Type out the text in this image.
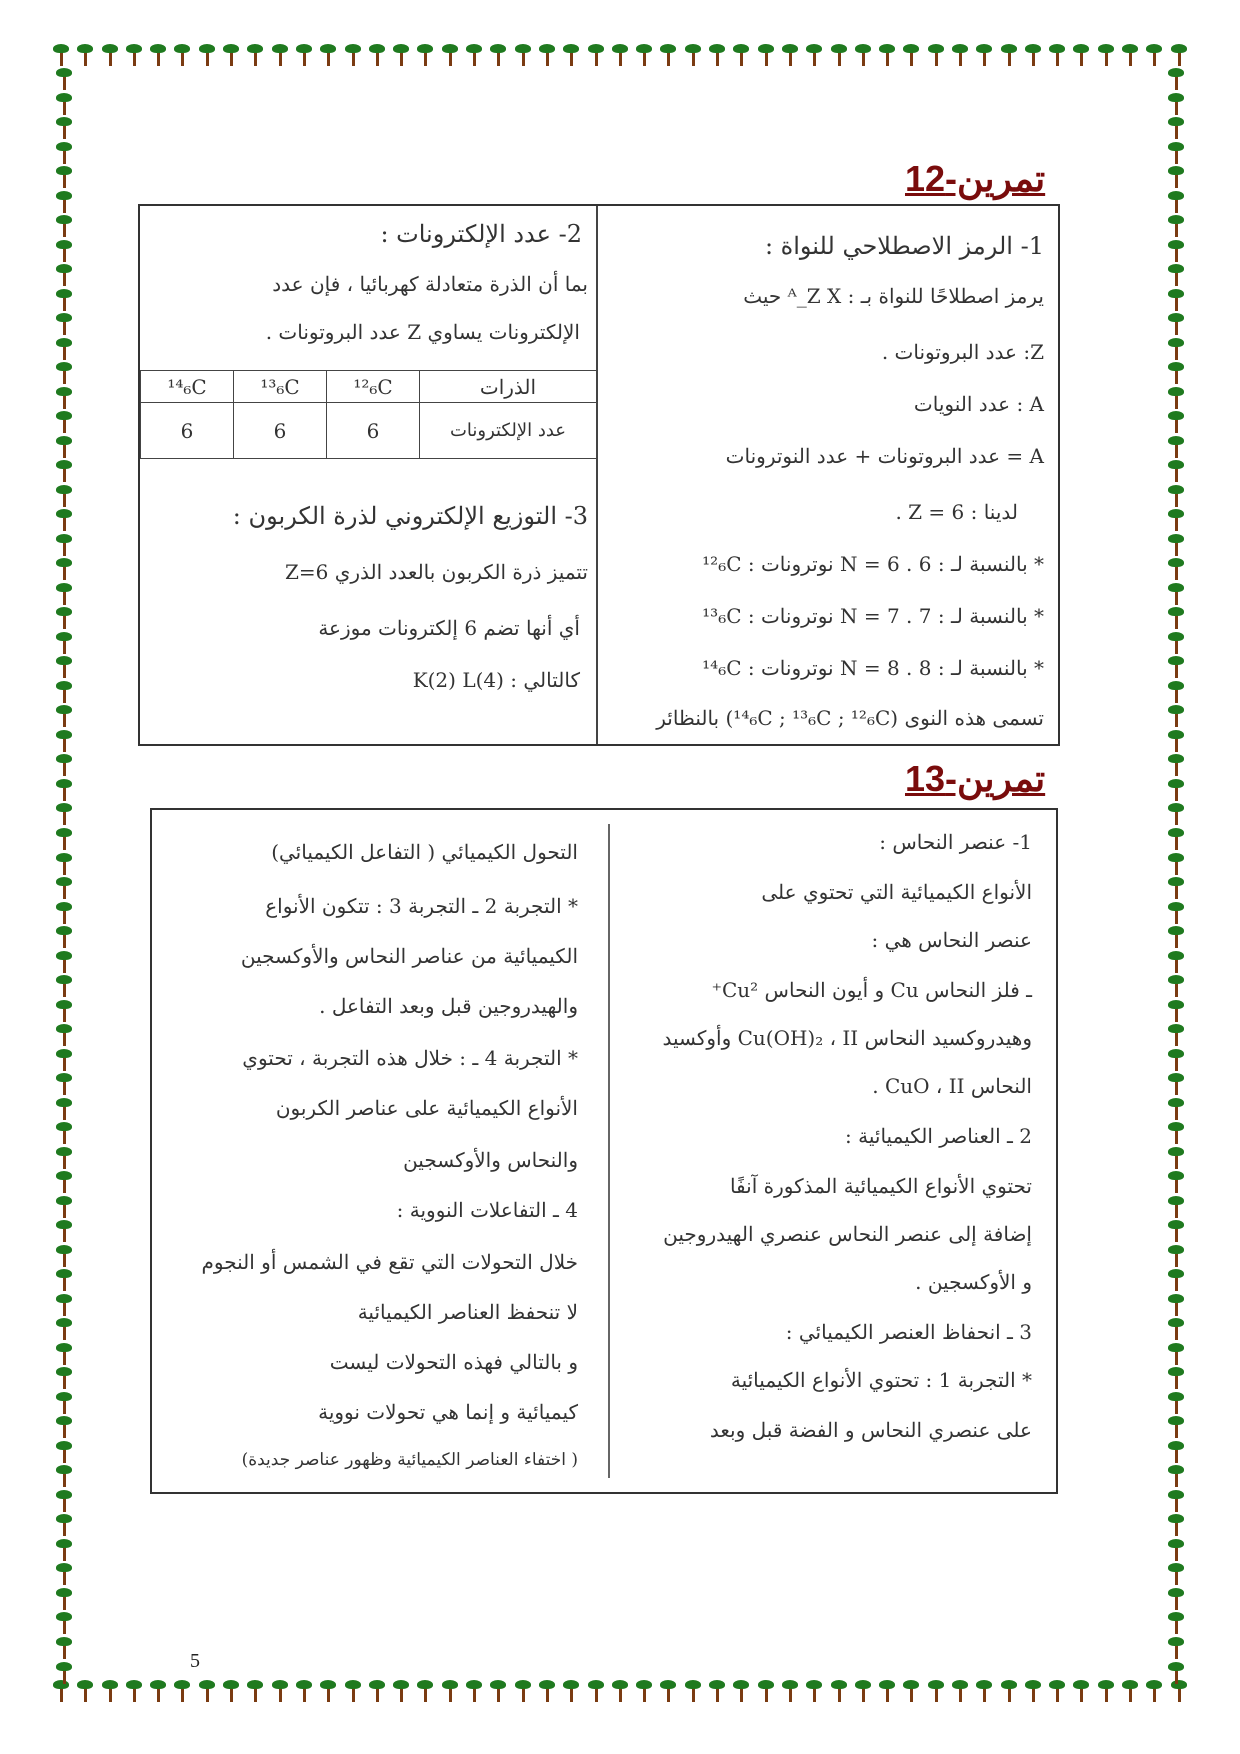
تمرين-12
1- الرمز الاصطلاحي للنواة :
يرمز اصطلاحًا للنواة بـ : ᴬ_Z X حيث
Z: عدد البروتونات .
A : عدد النويات
A = عدد البروتونات + عدد النوترونات
لدينا : Z = 6 .
* بالنسبة لـ : N = 6 . 6 نوترونات : ¹²₆C
* بالنسبة لـ : N = 7 . 7 نوترونات : ¹³₆C
* بالنسبة لـ : N = 8 . 8 نوترونات : ¹⁴₆C
تسمى هذه النوى (¹⁴₆C ; ¹³₆C ; ¹²₆C) بالنظائر
2- عدد الإلكترونات :
بما أن الذرة متعادلة كهربائيا ، فإن عدد
الإلكترونات يساوي Z عدد البروتونات .
¹⁴₆C	¹³₆C	¹²₆C	الذرات
6	6	6	عدد الإلكترونات
3- التوزيع الإلكتروني لذرة الكربون :
تتميز ذرة الكربون بالعدد الذري Z=6
أي أنها تضم 6 إلكترونات موزعة
كالتالي : K(2) L(4)
تمرين-13
1- عنصر النحاس :
الأنواع الكيميائية التي تحتوي على
عنصر النحاس هي :
ـ فلز النحاس Cu و أيون النحاس Cu²⁺
وهيدروكسيد النحاس Cu(OH)₂ ، II وأوكسيد
النحاس CuO ، II .
2 ـ العناصر الكيميائية :
تحتوي الأنواع الكيميائية المذكورة آنفًا
إضافة إلى عنصر النحاس عنصري الهيدروجين
و الأوكسجين .
3 ـ انحفاظ العنصر الكيميائي :
* التجربة 1 : تحتوي الأنواع الكيميائية
على عنصري النحاس و الفضة قبل وبعد
التحول الكيميائي ( التفاعل الكيميائي)
* التجربة 2 ـ التجربة 3 : تتكون الأنواع
الكيميائية من عناصر النحاس والأوكسجين
والهيدروجين قبل وبعد التفاعل .
* التجربة 4 ـ : خلال هذه التجربة ، تحتوي
الأنواع الكيميائية على عناصر الكربون
والنحاس والأوكسجين
4 ـ التفاعلات النووية :
خلال التحولات التي تقع في الشمس أو النجوم
لا تنحفظ العناصر الكيميائية
و بالتالي فهذه التحولات ليست
كيميائية و إنما هي تحولات نووية
( اختفاء العناصر الكيميائية وظهور عناصر جديدة)
5
